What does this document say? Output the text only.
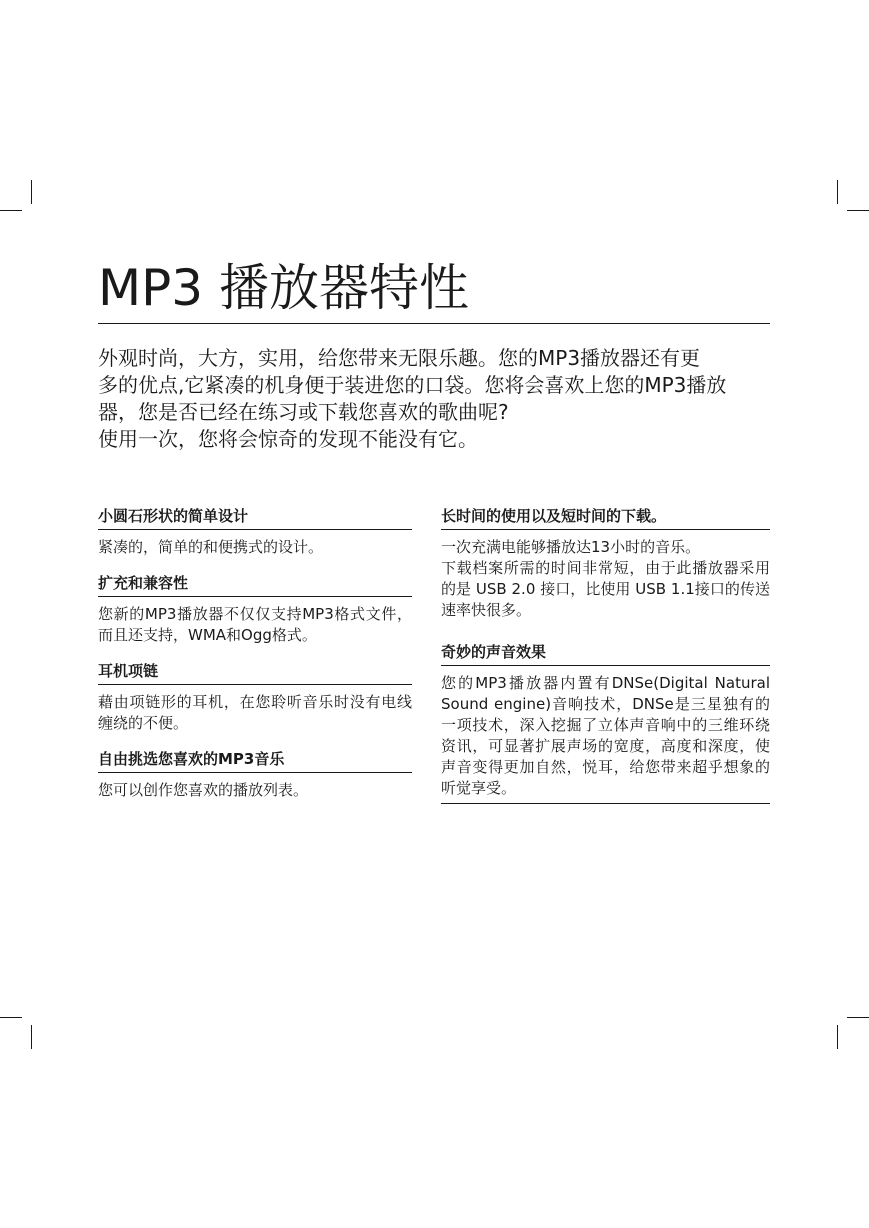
MP3 播放器特性

外观时尚，大方，实用，给您带来无限乐趣。您的MP3播放器还有更

多的优点,它紧凑的机身便于装进您的口袋。您将会喜欢上您的MP3播放

器，您是否已经在练习或下载您喜欢的歌曲呢?

使用一次，您将会惊奇的发现不能没有它。

小圆石形状的简单设计

紧凑的，简单的和便携式的设计。

扩充和兼容性

您新的MP3播放器不仅仅支持MP3格式文件，而且还支持，WMA和Ogg格式。

耳机项链

藉由项链形的耳机，在您聆听音乐时没有电线缠绕的不便。

自由挑选您喜欢的MP3音乐

您可以创作您喜欢的播放列表。

长时间的使用以及短时间的下载。

一次充满电能够播放达13小时的音乐。

下载档案所需的时间非常短，由于此播放器采用的是 USB 2.0 接口，比使用 USB 1.1接口的传送速率快很多。

奇妙的声音效果

您的MP3播放器内置有DNSe(Digital Natural Sound engine)音响技术，DNSe是三星独有的一项技术，深入挖掘了立体声音响中的三维环绕资讯，可显著扩展声场的宽度，高度和深度，使声音变得更加自然，悦耳，给您带来超乎想象的听觉享受。
